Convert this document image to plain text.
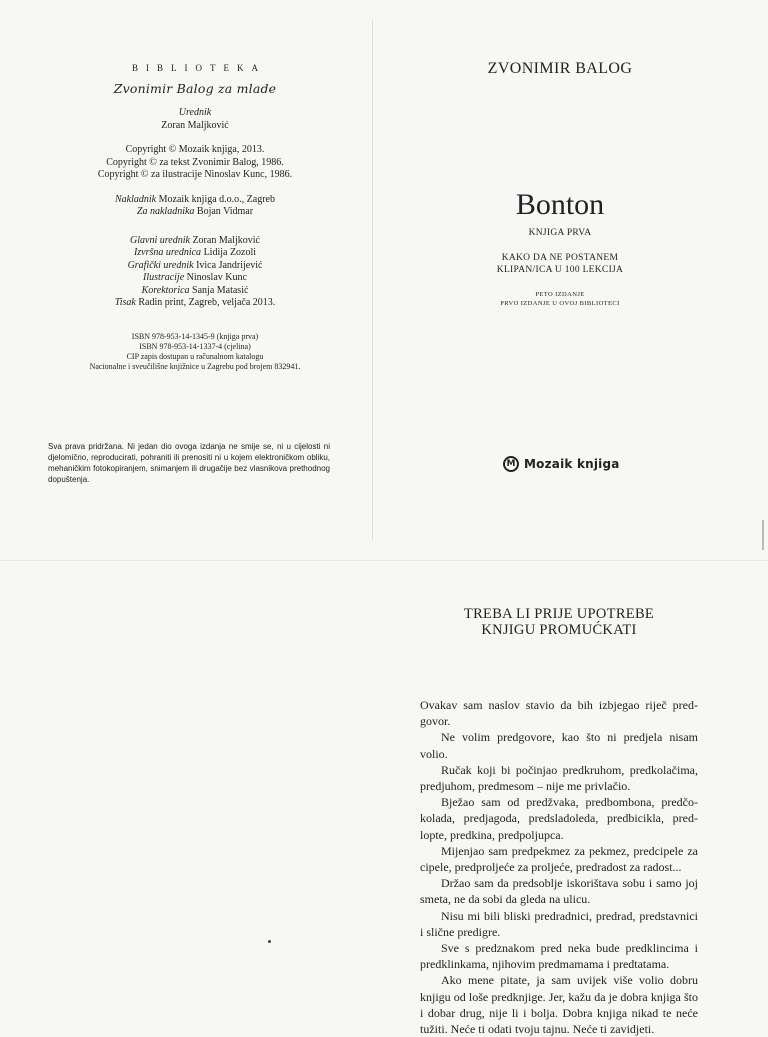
BIBLIOTEKA
Zvonimir Balog za mlade
Urednik
Zoran Maljković
Copyright © Mozaik knjiga, 2013.
Copyright © za tekst Zvonimir Balog, 1986.
Copyright © za ilustracije Ninoslav Kunc, 1986.
Nakladnik Mozaik knjiga d.o.o., Zagreb
Za nakladnika Bojan Vidmar
Glavni urednik Zoran Maljković
Izvršna urednica Lidija Zozoli
Grafički urednik Ivica Jandrijević
Ilustracije Ninoslav Kunc
Korektorica Sanja Matasić
Tisak Radin print, Zagreb, veljača 2013.
ISBN 978-953-14-1345-9 (knjiga prva)
ISBN 978-953-14-1337-4 (cjelina)
CIP zapis dostupan u računalnom katalogu
Nacionalne i sveučilišne knjižnice u Zagrebu pod brojem 832941.
Sva prava pridržana. Ni jedan dio ovoga izdanja ne smije se, ni u cijelosti ni djelomično, reproducirati, pohraniti ili prenositi ni u kojem elektroničkom obliku, mehaničkim fotokopiranjem, snimanjem ili drugačije bez vlasnikova prethodnog dopuštenja.
ZVONIMIR BALOG
Bonton
KNJIGA PRVA
KAKO DA NE POSTANEM
KLIPAN/ICA U 100 LEKCIJA
PETO IZDANJE
PRVO IZDANJE U OVOJ BIBLIOTECI
M Mozaik knjiga
TREBA LI PRIJE UPOTREBE
KNJIGU PROMUĆKATI

Ovakav sam naslov stavio da bih izbjegao riječ predgovor.

Ne volim predgovore, kao što ni predjela nisam volio.

Ručak koji bi počinjao predkruhom, predkolačima, predjuhom, predmesom – nije me privlačio.

Bježao sam od predžvaka, predbombona, predčokolada, predjagoda, predsladoleda, predbicikla, predlopte, predkina, predpoljupca.

Mijenjao sam predpekmez za pekmez, predcipele za cipele, predproljeće za proljeće, predradost za radost...

Držao sam da predsoblje iskorištava sobu i samo joj smeta, ne da sobi da gleda na ulicu.

Nisu mi bili bliski predradnici, predrad, predstavnici i slične predigre.

Sve s predznakom pred neka bude predklincima i predklinkama, njihovim predmamama i predtatama.

Ako mene pitate, ja sam uvijek više volio dobru knjigu od loše predknjige. Jer, kažu da je dobra knjiga što i dobar drug, nije li i bolja. Dobra knjiga nikad te neće tužiti. Neće ti odati tvoju tajnu. Neće ti zavidjeti.
